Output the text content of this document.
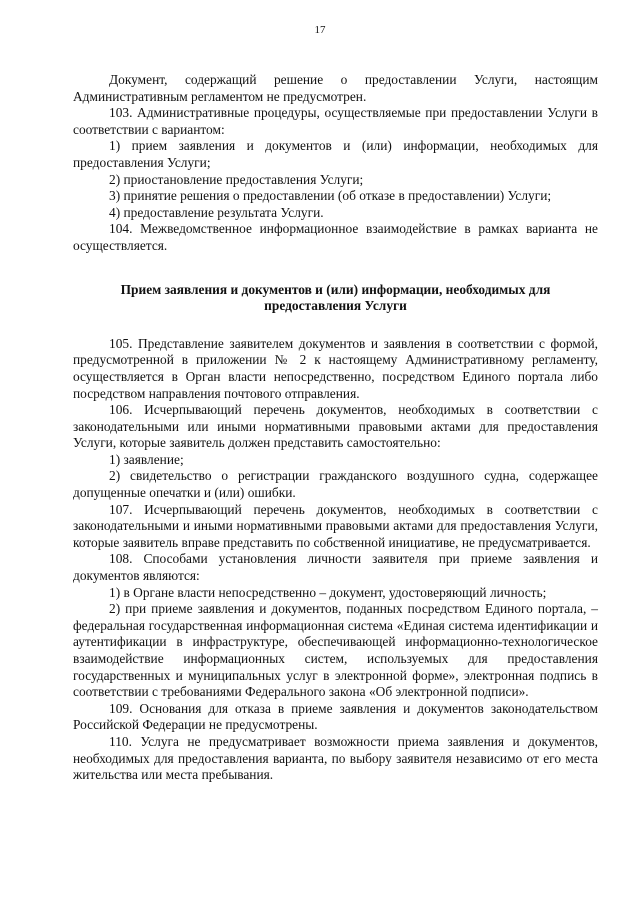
17

Документ, содержащий решение о предоставлении Услуги, настоящим Административным регламентом не предусмотрен.

103. Административные процедуры, осуществляемые при предоставлении Услуги в соответствии с вариантом:

1) прием заявления и документов и (или) информации, необходимых для предоставления Услуги;

2) приостановление предоставления Услуги;

3) принятие решения о предоставлении (об отказе в предоставлении) Услуги;

4) предоставление результата Услуги.

104. Межведомственное информационное взаимодействие в рамках варианта не осуществляется.

Прием заявления и документов и (или) информации, необходимых для предоставления Услуги

105. Представление заявителем документов и заявления в соответствии с формой, предусмотренной в приложении № 2 к настоящему Административному регламенту, осуществляется в Орган власти непосредственно, посредством Единого портала либо посредством направления почтового отправления.

106. Исчерпывающий перечень документов, необходимых в соответствии с законодательными или иными нормативными правовыми актами для предоставления Услуги, которые заявитель должен представить самостоятельно:

1) заявление;

2) свидетельство о регистрации гражданского воздушного судна, содержащее допущенные опечатки и (или) ошибки.

107. Исчерпывающий перечень документов, необходимых в соответствии с законодательными и иными нормативными правовыми актами для предоставления Услуги, которые заявитель вправе представить по собственной инициативе, не предусматривается.

108. Способами установления личности заявителя при приеме заявления и документов являются:

1) в Органе власти непосредственно – документ, удостоверяющий личность;

2) при приеме заявления и документов, поданных посредством Единого портала, – федеральная государственная информационная система «Единая система идентификации и аутентификации в инфраструктуре, обеспечивающей информационно-технологическое взаимодействие информационных систем, используемых для предоставления государственных и муниципальных услуг в электронной форме», электронная подпись в соответствии с требованиями Федерального закона «Об электронной подписи».

109. Основания для отказа в приеме заявления и документов законодательством Российской Федерации не предусмотрены.

110. Услуга не предусматривает возможности приема заявления и документов, необходимых для предоставления варианта, по выбору заявителя независимо от его места жительства или места пребывания.
